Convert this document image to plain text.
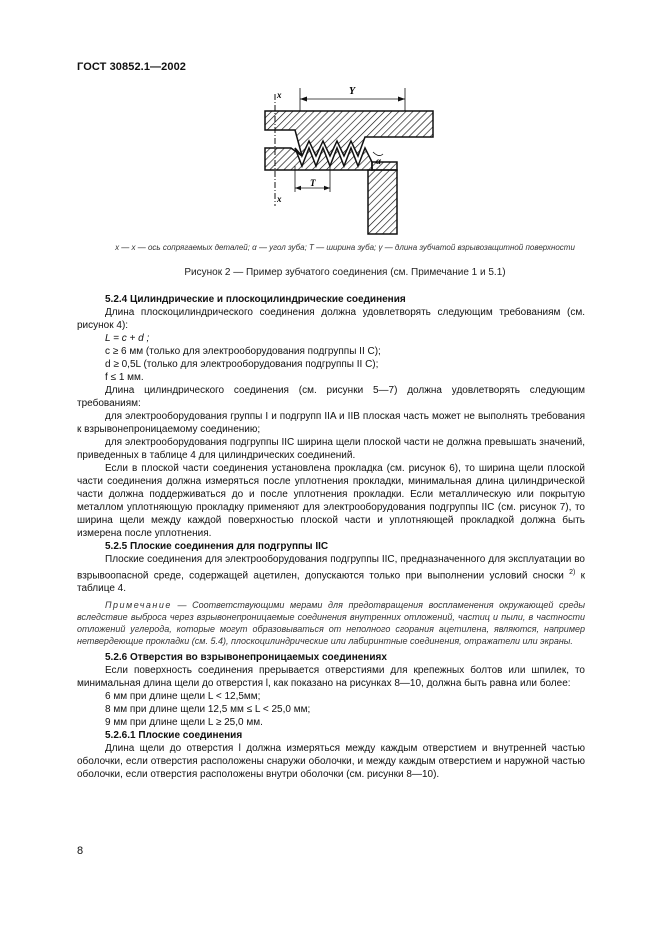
ГОСТ 30852.1—2002
x
x
Y
T
α
x — x — ось сопрягаемых деталей; α — угол зуба; T — ширина зуба; γ — длина зубчатой взрывозащитной поверхности
Рисунок 2 — Пример зубчатого соединения (см. Примечание 1 и 5.1)

5.2.4 Цилиндрические и плоскоцилиндрические соединения

Длина плоскоцилиндрического соединения должна удовлетворять следующим требованиям (см. рисунок 4):

L = c + d ;

c ≥ 6 мм (только для электрооборудования подгруппы II C);

d ≥ 0,5L (только для электрооборудования подгруппы II C);

f ≤ 1 мм.

Длина цилиндрического соединения (см. рисунки 5—7) должна удовлетворять следующим требованиям:

для электрооборудования группы I и подгрупп IIA и IIB плоская часть может не выполнять требования к взрывонепроницаемому соединению;

для электрооборудования подгруппы IIC ширина щели плоской части не должна превышать значений, приведенных в таблице 4 для цилиндрических соединений.

Если в плоской части соединения установлена прокладка (см. рисунок 6), то ширина щели плоской части соединения должна измеряться после уплотнения прокладки, минимальная длина цилиндрической части должна поддерживаться до и после уплотнения прокладки. Если металлическую или покрытую металлом уплотняющую прокладку применяют для электрооборудования подгруппы IIC (см. рисунок 7), то ширина щели между каждой поверхностью плоской части и уплотняющей прокладкой должна быть измерена после уплотнения.

5.2.5 Плоские соединения для подгруппы IIC

Плоские соединения для электрооборудования подгруппы IIC, предназначенного для эксплуатации во взрывоопасной среде, содержащей ацетилен, допускаются только при выполнении условий сноски $^{2)}$ к таблице 4.

Примечание — Соответствующими мерами для предотвращения воспламенения окружающей среды вследствие выброса через взрывонепроницаемые соединения внутренних отложений, частиц и пыли, в частности отложений углерода, которые могут образовываться от неполного сгорания ацетилена, являются, например нетвердеющие прокладки (см. 5.4), плоскоцилиндрические или лабиринтные соединения, отражатели или экраны.

5.2.6 Отверстия во взрывонепроницаемых соединениях

Если поверхность соединения прерывается отверстиями для крепежных болтов или шпилек, то минимальная длина щели до отверстия l, как показано на рисунках 8—10, должна быть равна или более:

6 мм при длине щели L < 12,5мм;

8 мм при длине щели 12,5 мм ≤ L < 25,0 мм;

9 мм при длине щели L ≥ 25,0 мм.

5.2.6.1 Плоские соединения

Длина щели до отверстия l должна измеряться между каждым отверстием и внутренней частью оболочки, если отверстия расположены снаружи оболочки, и между каждым отверстием и наружной частью оболочки, если отверстия расположены внутри оболочки (см. рисунки 8—10).

8
